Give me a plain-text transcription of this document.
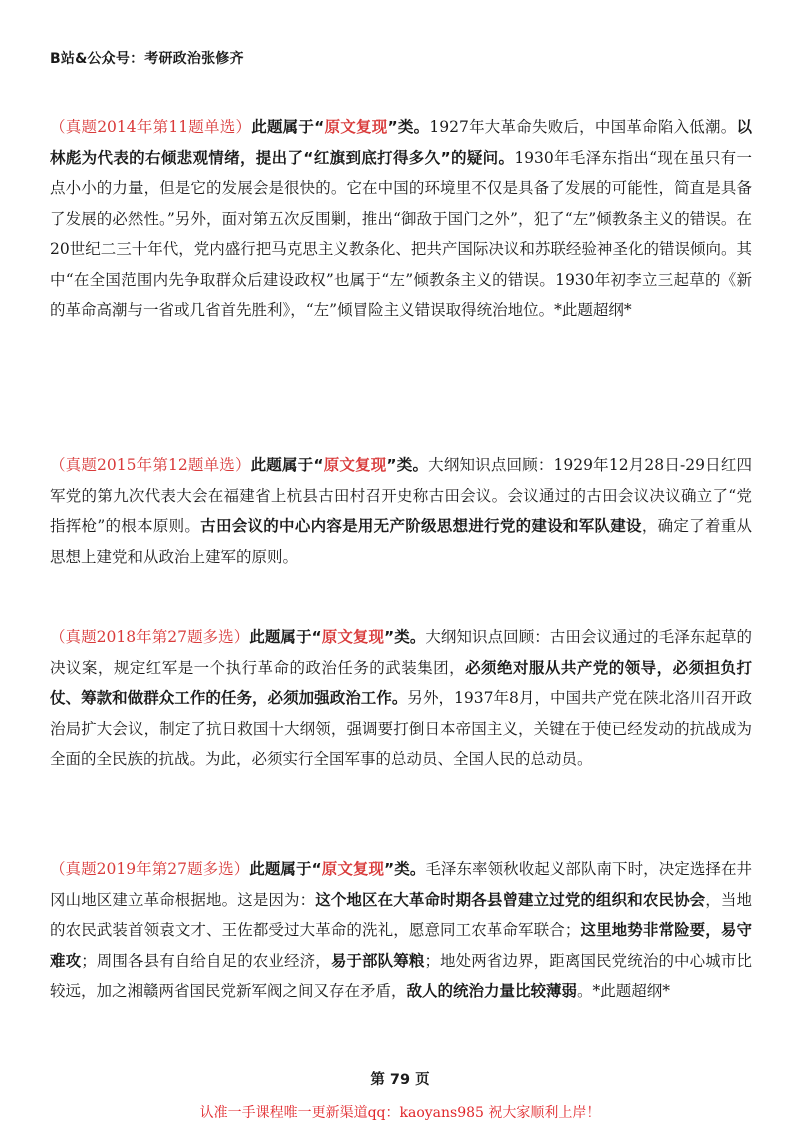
B站&公众号：考研政治张修齐

（真题2014年第11题单选）此题属于“原文复现”类。1927年大革命失败后，中国革命陷入低潮。以林彪为代表的右倾悲观情绪，提出了“红旗到底打得多久”的疑问。1930年毛泽东指出“现在虽只有一点小小的力量，但是它的发展会是很快的。它在中国的环境里不仅是具备了发展的可能性，简直是具备了发展的必然性。”另外，面对第五次反围剿，推出“御敌于国门之外”，犯了“左”倾教条主义的错误。在20世纪二三十年代，党内盛行把马克思主义教条化、把共产国际决议和苏联经验神圣化的错误倾向。其中“在全国范围内先争取群众后建设政权”也属于“左”倾教条主义的错误。1930年初李立三起草的《新的革命高潮与一省或几省首先胜利》，“左”倾冒险主义错误取得统治地位。*此题超纲*

（真题2015年第12题单选）此题属于“原文复现”类。大纲知识点回顾：1929年12月28日-29日红四军党的第九次代表大会在福建省上杭县古田村召开史称古田会议。会议通过的古田会议决议确立了“党指挥枪”的根本原则。古田会议的中心内容是用无产阶级思想进行党的建设和军队建设，确定了着重从思想上建党和从政治上建军的原则。

（真题2018年第27题多选）此题属于“原文复现”类。大纲知识点回顾：古田会议通过的毛泽东起草的决议案，规定红军是一个执行革命的政治任务的武装集团，必须绝对服从共产党的领导，必须担负打仗、筹款和做群众工作的任务，必须加强政治工作。另外，1937年8月，中国共产党在陕北洛川召开政治局扩大会议，制定了抗日救国十大纲领，强调要打倒日本帝国主义，关键在于使已经发动的抗战成为全面的全民族的抗战。为此，必须实行全国军事的总动员、全国人民的总动员。

（真题2019年第27题多选）此题属于“原文复现”类。毛泽东率领秋收起义部队南下时，决定选择在井冈山地区建立革命根据地。这是因为：这个地区在大革命时期各县曾建立过党的组织和农民协会，当地的农民武装首领袁文才、王佐都受过大革命的洗礼，愿意同工农革命军联合；这里地势非常险要，易守难攻；周围各县有自给自足的农业经济，易于部队筹粮；地处两省边界，距离国民党统治的中心城市比较远，加之湘赣两省国民党新军阀之间又存在矛盾，敌人的统治力量比较薄弱。*此题超纲*

第 79 页
认准一手课程唯一更新渠道qq：kaoyans985 祝大家顺利上岸！
